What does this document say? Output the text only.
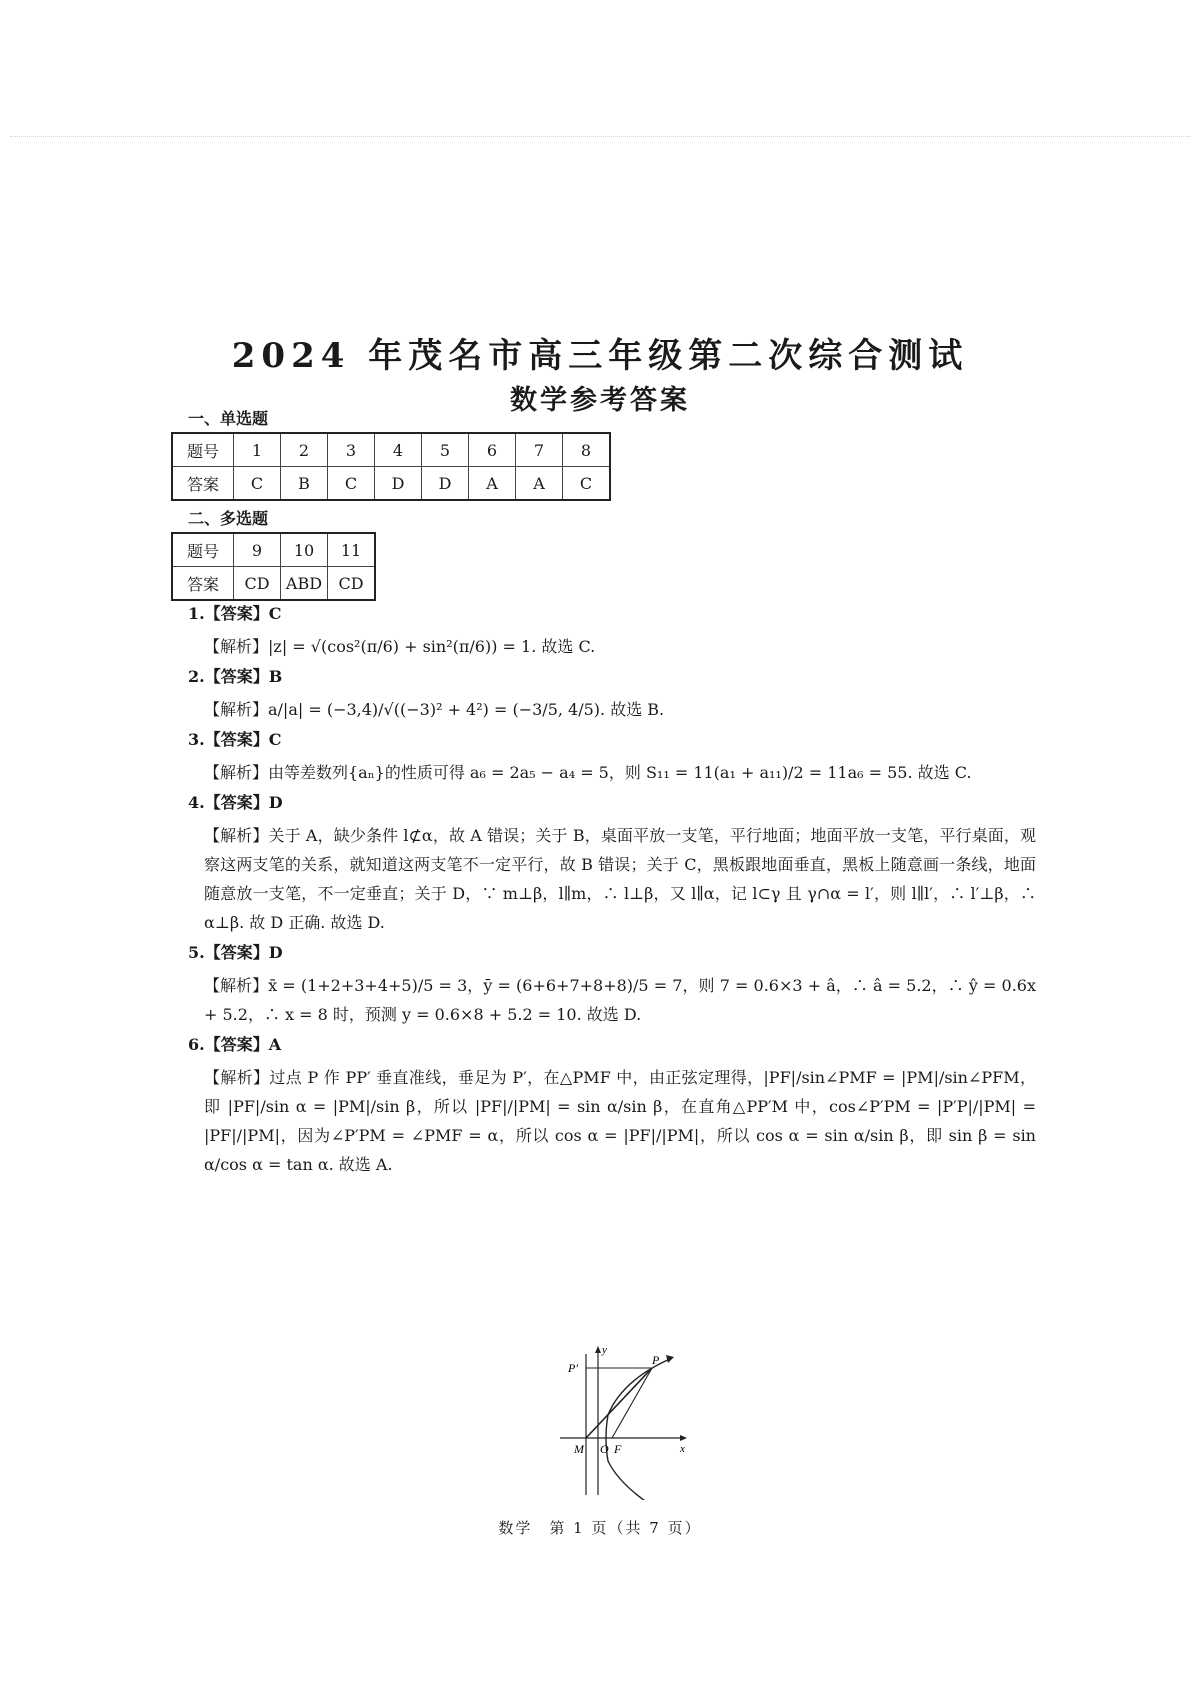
2024 年茂名市高三年级第二次综合测试
数学参考答案
一、单选题
题号	1	2	3	4	5	6	7	8
答案	C	B	C	D	D	A	A	C
二、多选题
题号	9	10	11
答案	CD	ABD	CD
1.【答案】C
【解析】|z| = √(cos²(π/6) + sin²(π/6)) = 1. 故选 C.
2.【答案】B
【解析】a/|a| = (−3,4)/√((−3)² + 4²) = (−3/5, 4/5). 故选 B.
3.【答案】C
【解析】由等差数列{aₙ}的性质可得 a₆ = 2a₅ − a₄ = 5，则 S₁₁ = 11(a₁ + a₁₁)/2 = 11a₆ = 55. 故选 C.
4.【答案】D
【解析】关于 A，缺少条件 l⊄α，故 A 错误；关于 B，桌面平放一支笔，平行地面；地面平放一支笔，平行桌面，观察这两支笔的关系，就知道这两支笔不一定平行，故 B 错误；关于 C，黑板跟地面垂直，黑板上随意画一条线，地面随意放一支笔，不一定垂直；关于 D，∵ m⊥β，l∥m，∴ l⊥β，又 l∥α，记 l⊂γ 且 γ∩α = l′，则 l∥l′，∴ l′⊥β，∴ α⊥β. 故 D 正确. 故选 D.
5.【答案】D
【解析】x̄ = (1+2+3+4+5)/5 = 3，ȳ = (6+6+7+8+8)/5 = 7，则 7 = 0.6×3 + â，∴ â = 5.2，∴ ŷ = 0.6x + 5.2，∴ x = 8 时，预测 y = 0.6×8 + 5.2 = 10. 故选 D.
6.【答案】A
【解析】过点 P 作 PP′ 垂直准线，垂足为 P′，在△PMF 中，由正弦定理得，|PF|/sin∠PMF = |PM|/sin∠PFM，即 |PF|/sin α = |PM|/sin β，所以 |PF|/|PM| = sin α/sin β，在直角△PP′M 中，cos∠P′PM = |P′P|/|PM| = |PF|/|PM|，因为∠P′PM = ∠PMF = α，所以 cos α = |PF|/|PM|，所以 cos α = sin α/sin β，即 sin β = sin α/cos α = tan α. 故选 A.
y
x
P
P′
M O F
数学　第 1 页（共 7 页）
